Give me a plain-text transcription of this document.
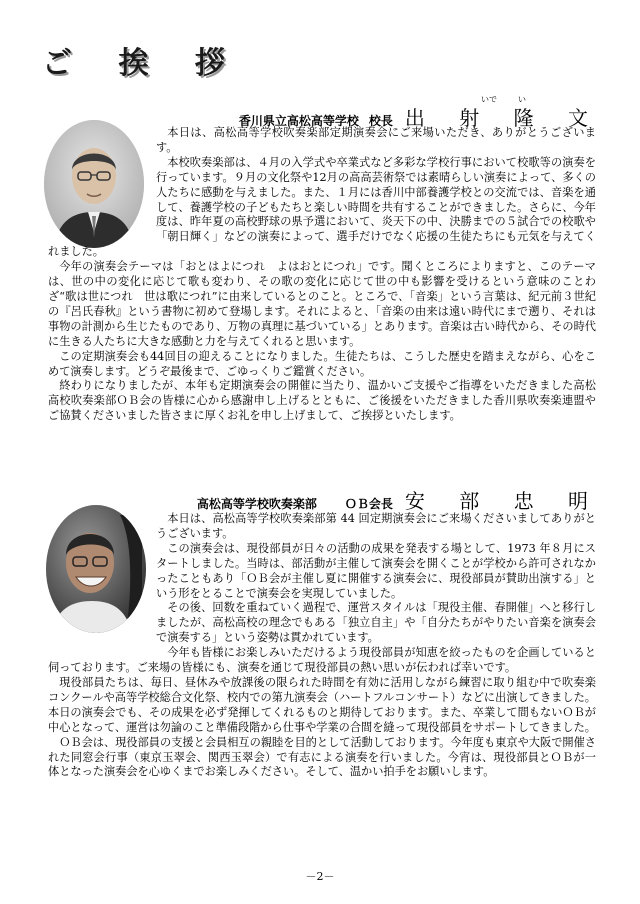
ご 挨 拶
いで	い
香川県立高松高等学校 校長 出 射 隆 文

本日は、高松高等学校吹奏楽部定期演奏会にご来場いただき、ありがとうございます。

本校吹奏楽部は、４月の入学式や卒業式など多彩な学校行事において校歌等の演奏を行っています。９月の文化祭や12月の高高芸術祭では素晴らしい演奏によって、多くの人たちに感動を与えました。また、１月には香川中部養護学校との交流では、音楽を通して、養護学校の子どもたちと楽しい時間を共有することができました。さらに、今年度は、昨年夏の高校野球の県予選において、炎天下の中、決勝までの５試合での校歌や「朝日輝く」などの演奏によって、選手だけでなく応援の生徒たちにも元気を与えてくれました。

今年の演奏会テーマは「おとはよにつれ　よはおとにつれ」です。聞くところによりますと、このテーマは、世の中の変化に応じて歌も変わり、その歌の変化に応じて世の中も影響を受けるという意味のことわざ“歌は世につれ　世は歌につれ”に由来しているとのこと。ところで、「音楽」という言葉は、紀元前３世紀の『呂氏春秋』という書物に初めて登場します。それによると、「音楽の由来は遠い時代にまで遡り、それは事物の計測から生じたものであり、万物の真理に基づいている」とあります。音楽は古い時代から、その時代に生きる人たちに大きな感動と力を与えてくれると思います。

この定期演奏会も44回目の迎えることになりました。生徒たちは、こうした歴史を踏まえながら、心をこめて演奏します。どうぞ最後まで、ごゆっくりご鑑賞ください。

終わりになりましたが、本年も定期演奏会の開催に当たり、温かいご支援やご指導をいただきました高松高校吹奏楽部ＯＢ会の皆様に心から感謝申し上げるとともに、ご後援をいただきました香川県吹奏楽連盟やご協賛くださいました皆さまに厚くお礼を申し上げまして、ご挨拶といたします。

高松高等学校吹奏楽部 ＯＢ会長 安 部 忠 明

本日は、高松高等学校吹奏楽部第 44 回定期演奏会にご来場くださいましてありがとうございます。

この演奏会は、現役部員が日々の活動の成果を発表する場として、1973 年８月にスタートしました。当時は、部活動が主催して演奏会を開くことが学校から許可されなかったこともあり「ＯＢ会が主催し夏に開催する演奏会に、現役部員が賛助出演する」という形をとることで演奏会を実現していました。

その後、回数を重ねていく過程で、運営スタイルは「現役主催、春開催」へと移行しましたが、高松高校の理念でもある「独立自主」や「自分たちがやりたい音楽を演奏会で演奏する」という姿勢は貫かれています。

今年も皆様にお楽しみいただけるよう現役部員が知恵を絞ったものを企画していると伺っております。ご来場の皆様にも、演奏を通じて現役部員の熱い思いが伝われば幸いです。

現役部員たちは、毎日、昼休みや放課後の限られた時間を有効に活用しながら練習に取り組む中で吹奏楽コンクールや高等学校総合文化祭、校内での第九演奏会（ハートフルコンサート）などに出演してきました。本日の演奏会でも、その成果を必ず発揮してくれるものと期待しております。また、卒業して間もないＯＢが中心となって、運営は勿論のこと準備段階から仕事や学業の合間を縫って現役部員をサポートしてきました。

ＯＢ会は、現役部員の支援と会員相互の親睦を目的として活動しております。今年度も東京や大阪で開催された同窓会行事（東京玉翠会、関西玉翠会）で有志による演奏を行いました。今宵は、現役部員とＯＢが一体となった演奏会を心ゆくまでお楽しみください。そして、温かい拍手をお願いします。

－2－
